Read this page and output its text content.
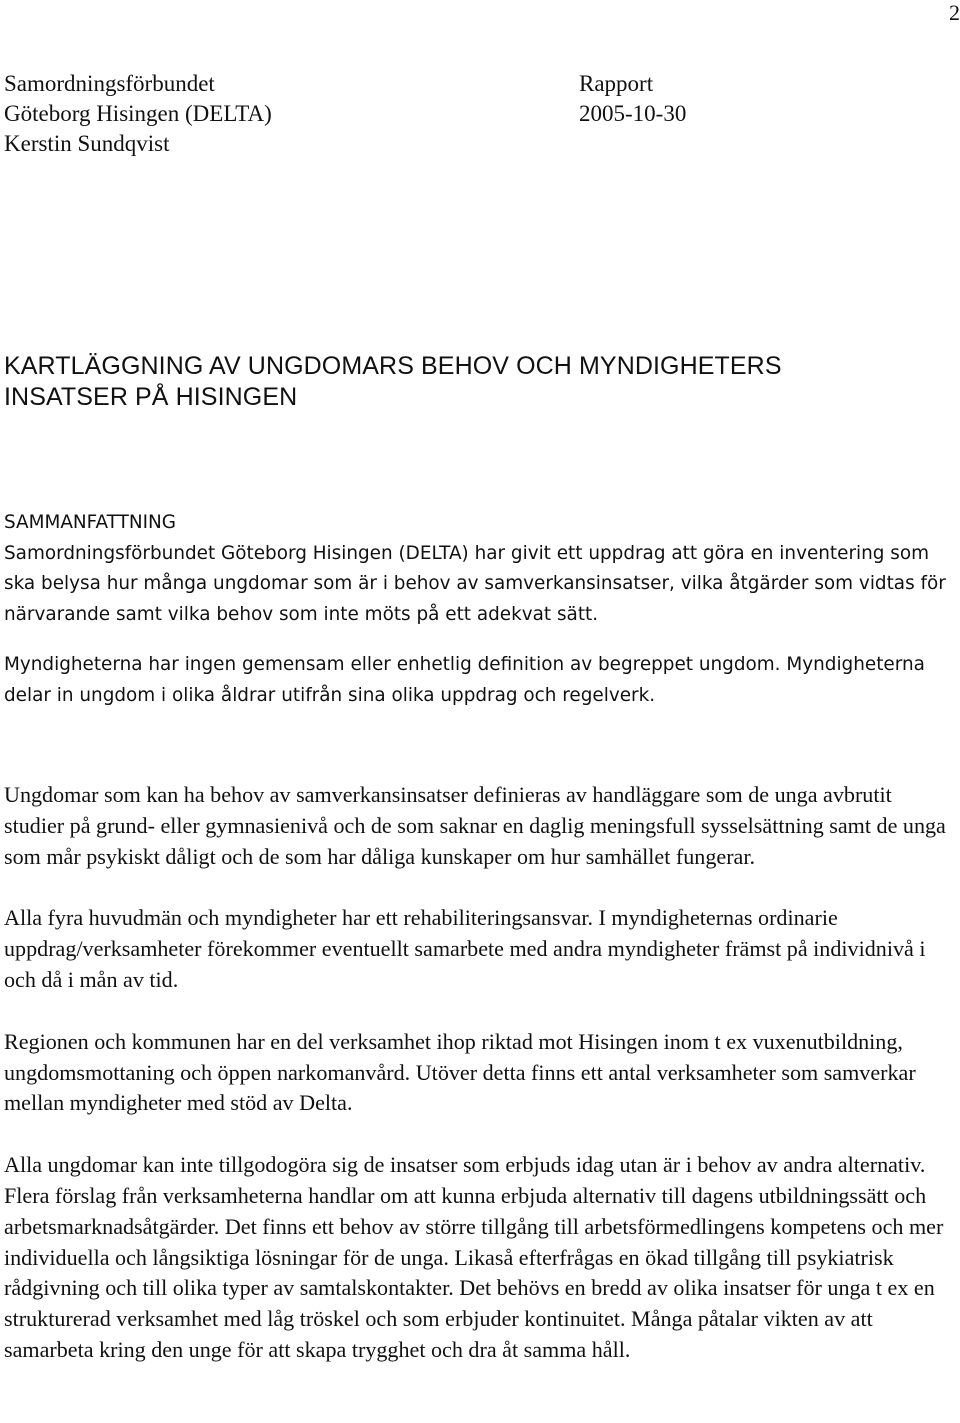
2
Samordningsförbundet
Göteborg Hisingen (DELTA)
Kerstin Sundqvist
Rapport
2005-10-30
KARTLÄGGNING AV UNGDOMARS BEHOV OCH MYNDIGHETERS
INSATSER PÅ HISINGEN
SAMMANFATTNING
Samordningsförbundet Göteborg Hisingen (DELTA) har givit ett uppdrag att göra en inventering som ska belysa hur många ungdomar som är i behov av samverkansinsatser, vilka åtgärder som vidtas för närvarande samt vilka behov som inte möts på ett adekvat sätt.
Myndigheterna har ingen gemensam eller enhetlig definition av begreppet ungdom. Myndigheterna delar in ungdom i olika åldrar utifrån sina olika uppdrag och regelverk.

Ungdomar som kan ha behov av samverkansinsatser definieras av handläggare som de unga avbrutit studier på grund- eller gymnasienivå och de som saknar en daglig meningsfull sysselsättning samt de unga som mår psykiskt dåligt och de som har dåliga kunskaper om hur samhället fungerar.

Alla fyra huvudmän och myndigheter har ett rehabiliteringsansvar. I myndigheternas ordinarie uppdrag/verksamheter förekommer eventuellt samarbete med andra myndigheter främst på individnivå i och då i mån av tid.

Regionen och kommunen har en del verksamhet ihop riktad mot Hisingen inom t ex vuxenutbildning, ungdomsmottaning och öppen narkomanvård. Utöver detta finns ett antal verksamheter som samverkar mellan myndigheter med stöd av Delta.

Alla ungdomar kan inte tillgodogöra sig de insatser som erbjuds idag utan är i behov av andra alternativ. Flera förslag från verksamheterna handlar om att kunna erbjuda alternativ till dagens utbildningssätt och arbetsmarknadsåtgärder. Det finns ett behov av större tillgång till arbetsförmedlingens kompetens och mer individuella och långsiktiga lösningar för de unga. Likaså efterfrågas en ökad tillgång till psykiatrisk rådgivning och till olika typer av samtalskontakter. Det behövs en bredd av olika insatser för unga t ex en strukturerad verksamhet med låg tröskel och som erbjuder kontinuitet. Många påtalar vikten av att samarbeta kring den unge för att skapa trygghet och dra åt samma håll.
